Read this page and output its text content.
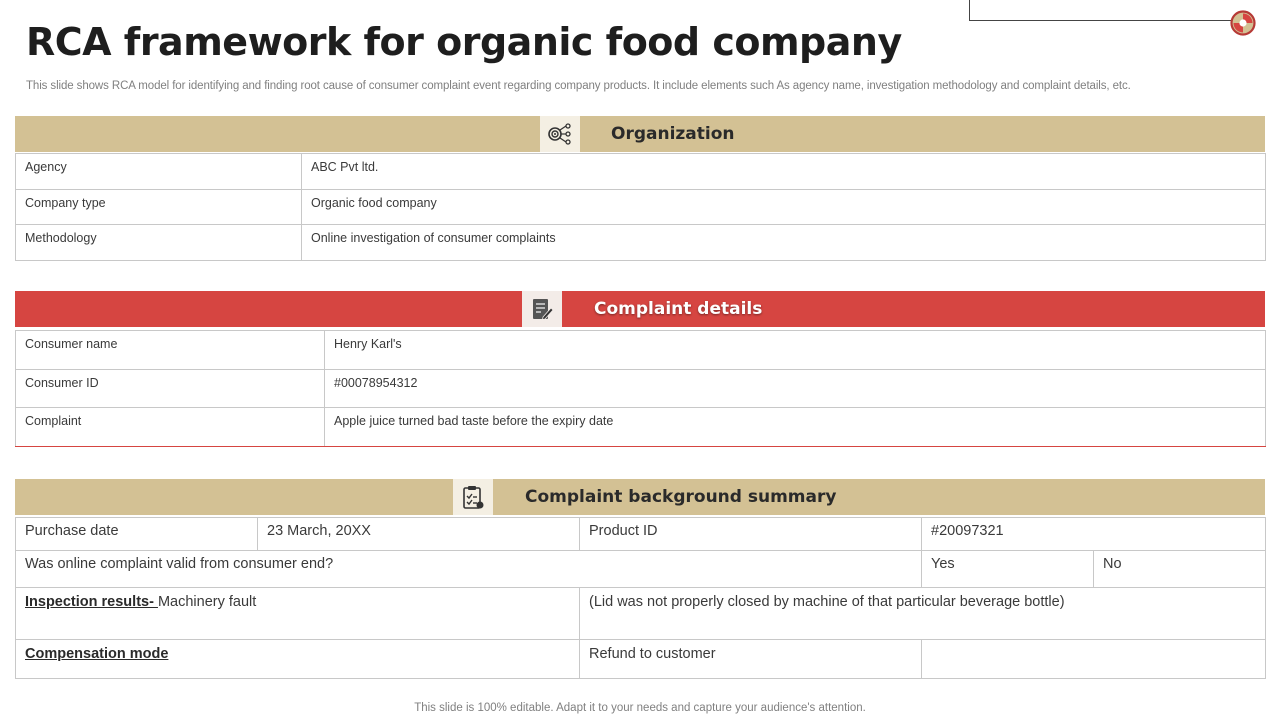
RCA framework for organic food company

This slide shows RCA model for identifying and finding root cause of consumer complaint event regarding company products. It include elements such As agency name, investigation methodology and complaint details, etc.

Organization
Agency	ABC Pvt ltd.
Company type	Organic food company
Methodology	Online investigation of consumer complaints
Complaint details
Consumer name	Henry Karl's
Consumer ID	#00078954312
Complaint	Apple juice turned bad taste before the expiry date
Complaint background summary
Purchase date	23 March, 20XX	Product ID	#20097321	
Was online complaint valid from consumer end?			Yes	No
Inspection results- Machinery fault		(Lid was not properly closed by machine of that particular beverage bottle)		
Compensation mode		Refund to customer		
This slide is 100% editable. Adapt it to your needs and capture your audience's attention.
